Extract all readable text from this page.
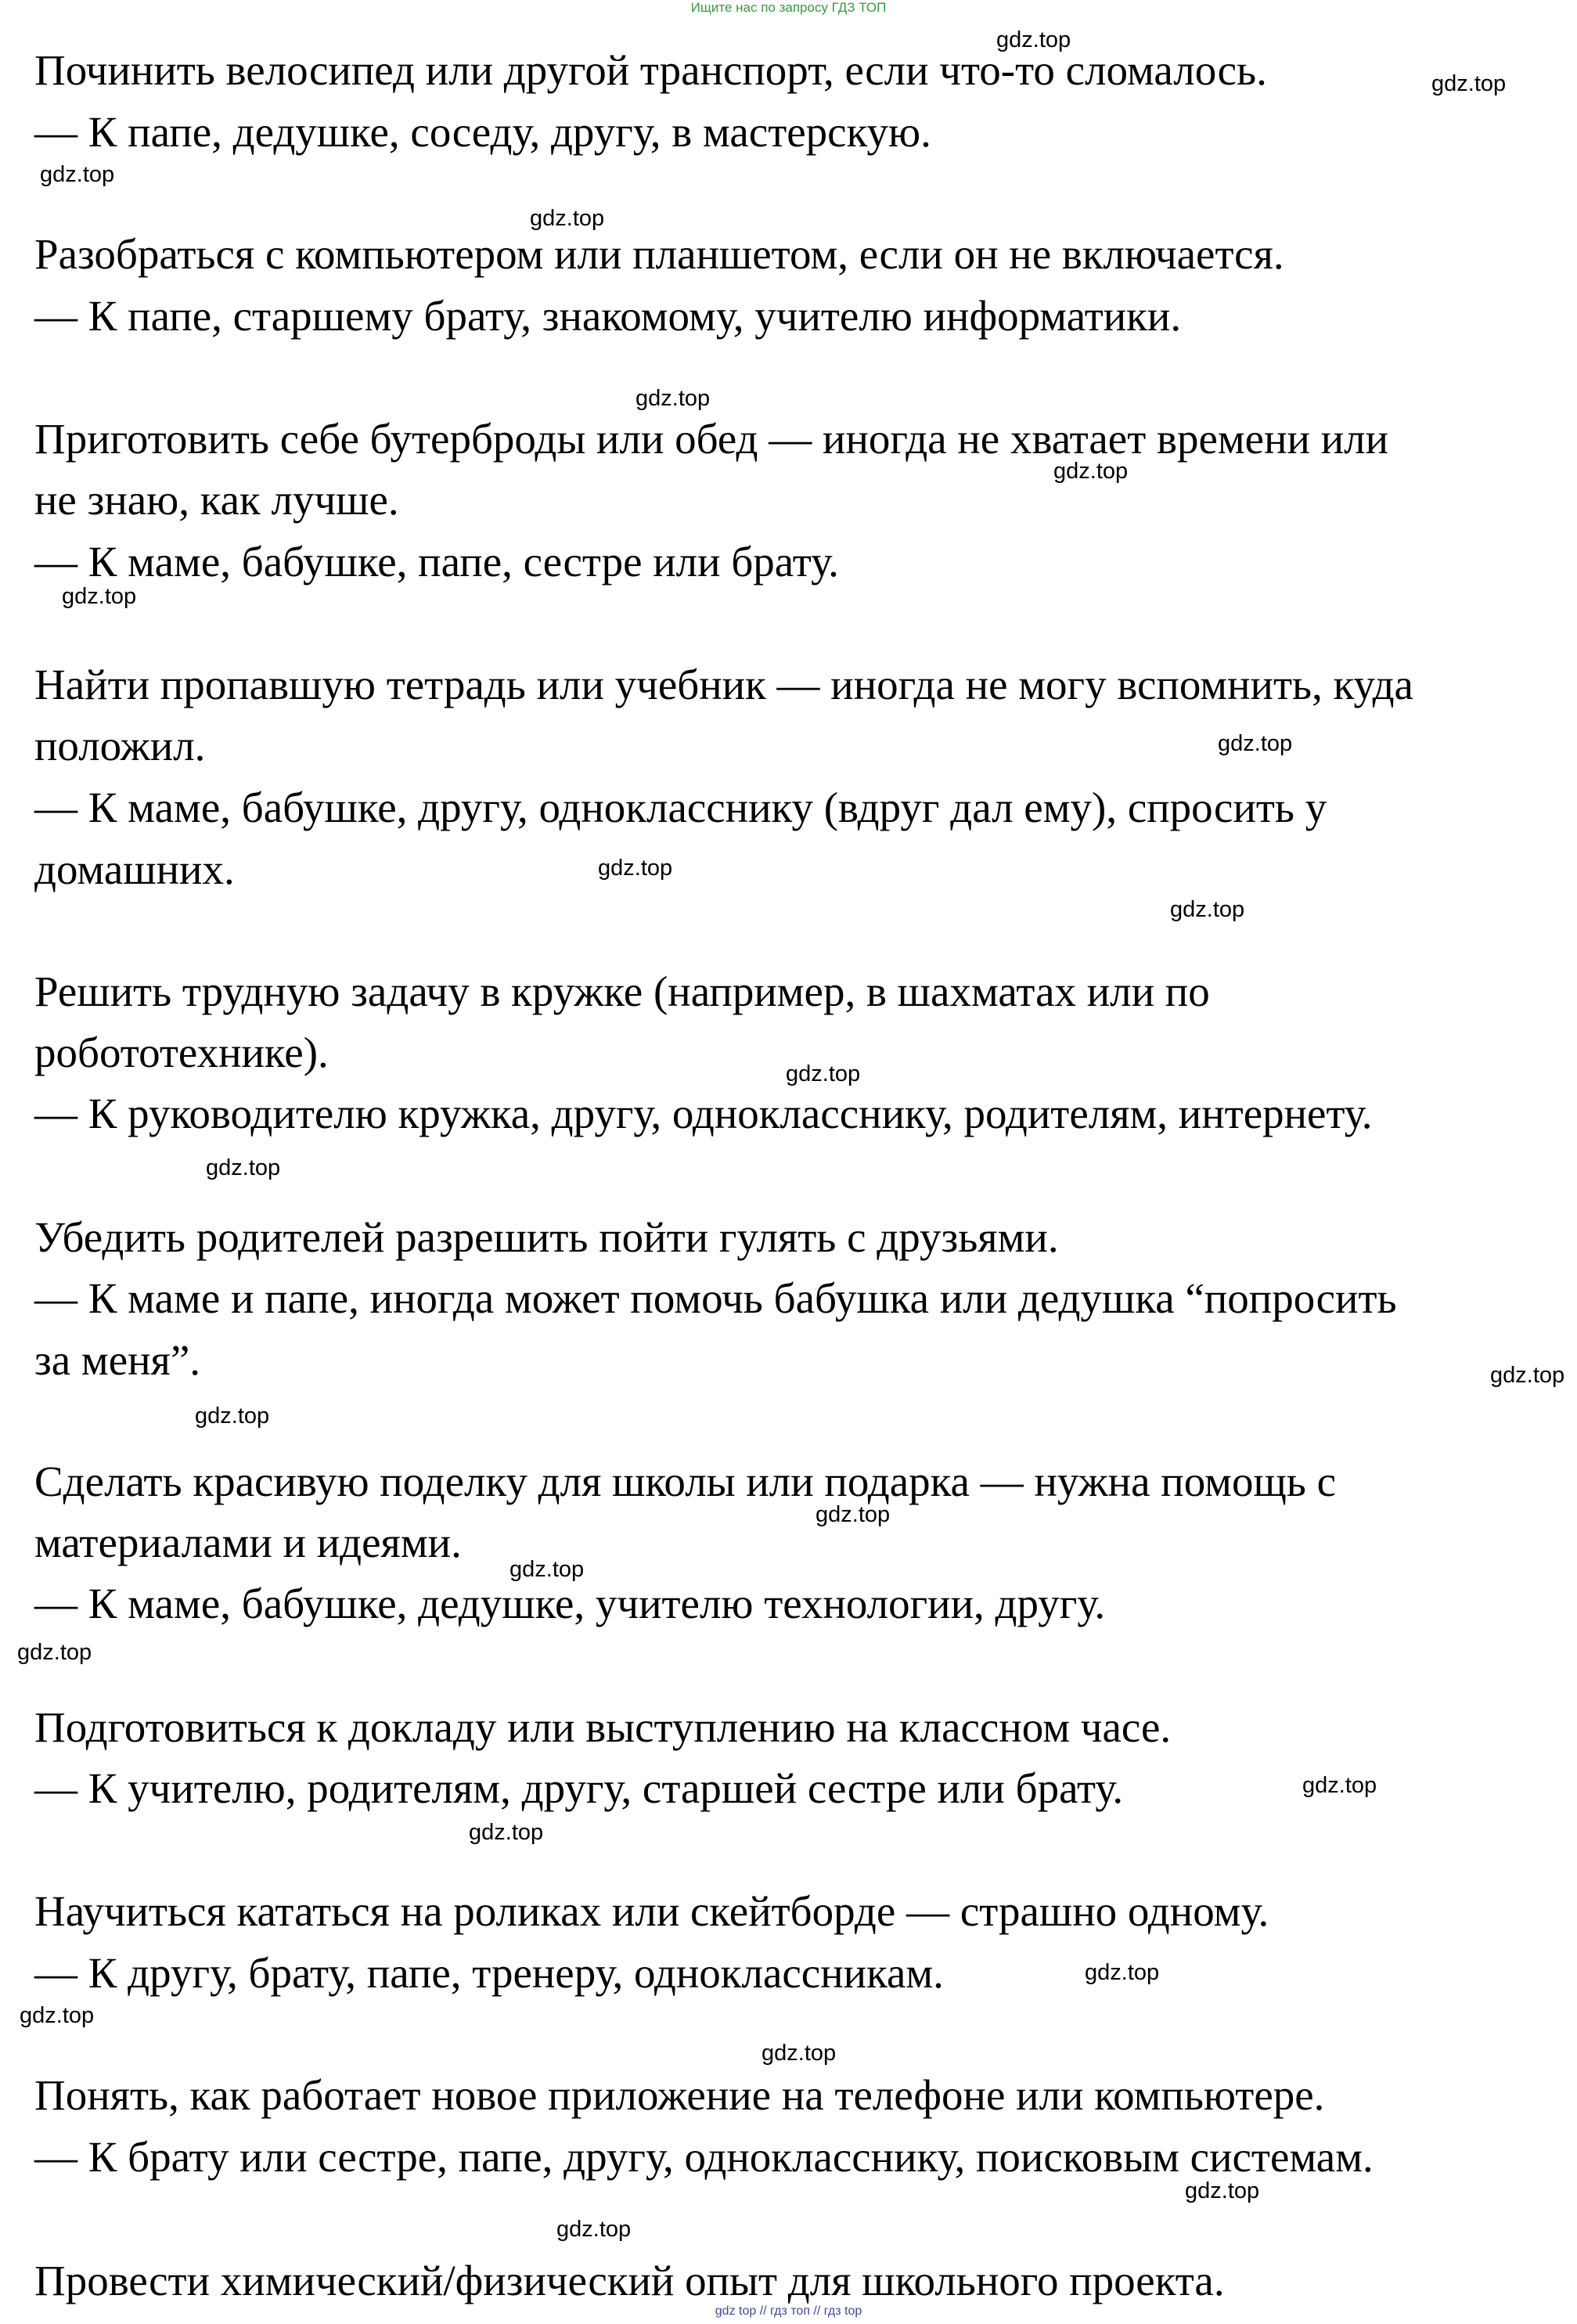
Ищите нас по запросу ГДЗ ТОП
Починить велосипед или другой транспорт, если что-то сломалось.
— К папе, дедушке, соседу, другу, в мастерскую.
Разобраться с компьютером или планшетом, если он не включается.
— К папе, старшему брату, знакомому, учителю информатики.
Приготовить себе бутерброды или обед — иногда не хватает времени или
не знаю, как лучше.
— К маме, бабушке, папе, сестре или брату.
Найти пропавшую тетрадь или учебник — иногда не могу вспомнить, куда
положил.
— К маме, бабушке, другу, однокласснику (вдруг дал ему), спросить у
домашних.
Решить трудную задачу в кружке (например, в шахматах или по
робототехнике).
— К руководителю кружка, другу, однокласснику, родителям, интернету.
Убедить родителей разрешить пойти гулять с друзьями.
— К маме и папе, иногда может помочь бабушка или дедушка “попросить
за меня”.
Сделать красивую поделку для школы или подарка — нужна помощь с
материалами и идеями.
— К маме, бабушке, дедушке, учителю технологии, другу.
Подготовиться к докладу или выступлению на классном часе.
— К учителю, родителям, другу, старшей сестре или брату.
Научиться кататься на роликах или скейтборде — страшно одному.
— К другу, брату, папе, тренеру, одноклассникам.
Понять, как работает новое приложение на телефоне или компьютере.
— К брату или сестре, папе, другу, однокласснику, поисковым системам.
Провести химический/физический опыт для школьного проекта.
gdz.top
gdz.top
gdz.top
gdz.top
gdz.top
gdz.top
gdz.top
gdz.top
gdz.top
gdz.top
gdz.top
gdz.top
gdz.top
gdz.top
gdz.top
gdz.top
gdz.top
gdz.top
gdz.top
gdz.top
gdz.top
gdz.top
gdz.top
gdz.top
gdz top // гдз топ // гдз top
